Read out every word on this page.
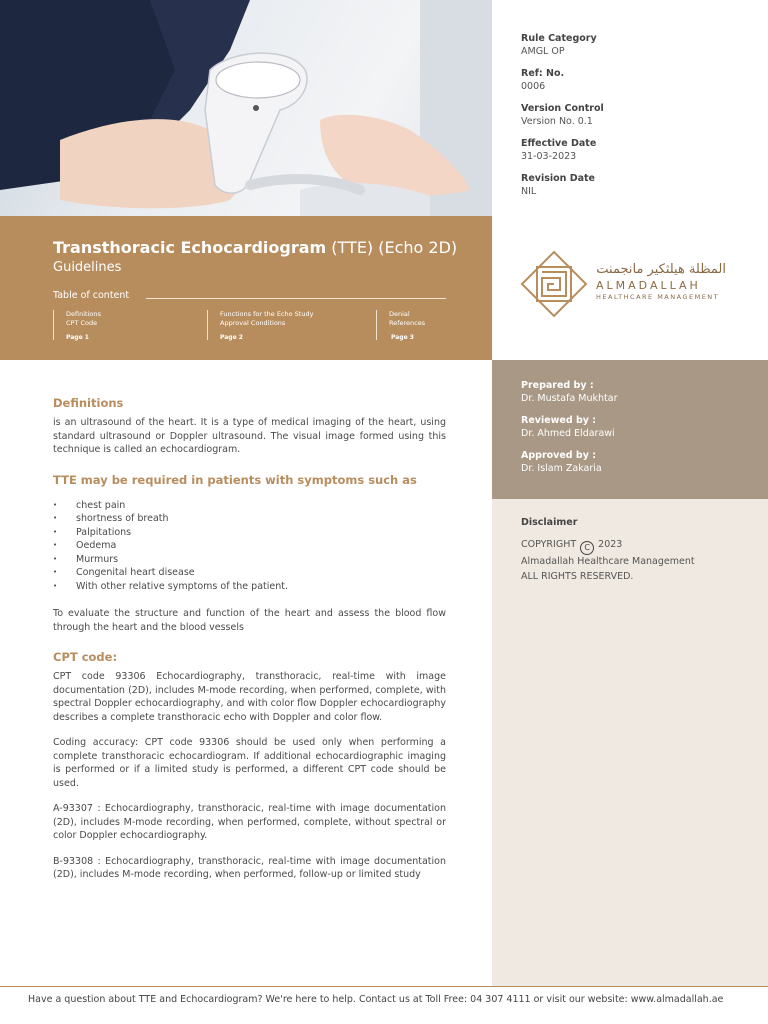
Rule Category
AMGL OP
Ref: No.
0006
Version Control
Version No. 0.1
Effective Date
31-03-2023
Revision Date
NIL
Transthoracic Echocardiogram (TTE) (Echo 2D)
Guidelines
Table of content
Definitions
CPT Code
Page 1
Functions for the Echo Study
Approval Conditions
Page 2
Denial
References
Page 3
المظلة هيلثكير مانجمنت
ALMADALLAH
HEALTHCARE MANAGEMENT
Prepared by :
Dr. Mustafa Mukhtar
Reviewed by :
Dr. Ahmed Eldarawi
Approved by :
Dr. Islam Zakaria
Disclaimer
COPYRIGHT C 2023
Almadallah Healthcare Management
ALL RIGHTS RESERVED.
Definitions

is an ultrasound of the heart. It is a type of medical imaging of the heart, using standard ultrasound or Doppler ultrasound. The visual image formed using this technique is called an echocardiogram.

TTE may be required in patients with symptoms such as
• chest pain
• shortness of breath
• Palpitations
• Oedema
• Murmurs
• Congenital heart disease
• With other relative symptoms of the patient.

To evaluate the structure and function of the heart and assess the blood flow through the heart and the blood vessels

CPT code:

CPT code 93306 Echocardiography, transthoracic, real-time with image documentation (2D), includes M-mode recording, when performed, complete, with spectral Doppler echocardiography, and with color flow Doppler echocardiography describes a complete transthoracic echo with Doppler and color flow.

Coding accuracy: CPT code 93306 should be used only when performing a complete transthoracic echocardiogram. If additional echocardiographic imaging is performed or if a limited study is performed, a different CPT code should be used.

A-93307 : Echocardiography, transthoracic, real-time with image documentation (2D), includes M-mode recording, when performed, complete, without spectral or color Doppler echocardiography.

B-93308 : Echocardiography, transthoracic, real-time with image documentation (2D), includes M-mode recording, when performed, follow-up or limited study

Have a question about TTE and Echocardiogram? We're here to help. Contact us at Toll Free: 04 307 4111 or visit our website: www.almadallah.ae
